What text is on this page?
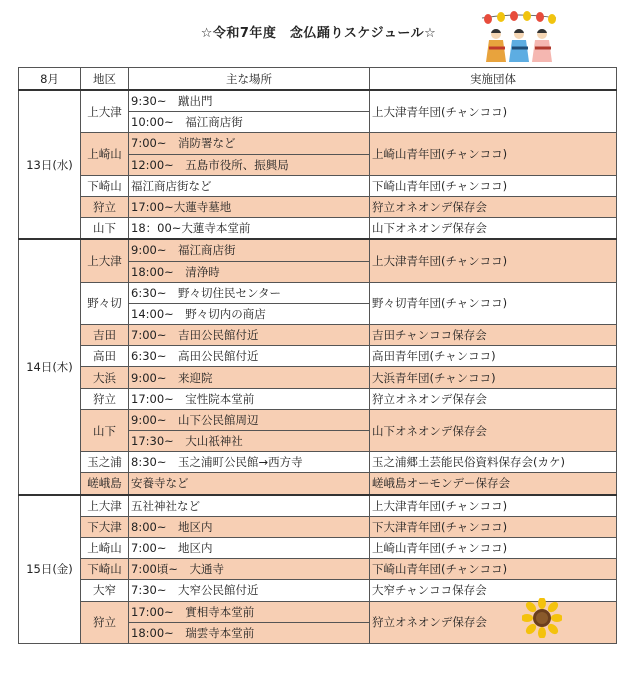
☆令和7年度　念仏踊りスケジュール☆
8月	地区	主な場所	実施団体
13日(水)	上大津	9:30~　蹴出門	上大津青年団(チャンココ)
		10:00~　福江商店街	
	上崎山	7:00~　消防署など	上崎山青年団(チャンココ)
		12:00~　五島市役所、振興局	
	下崎山	福江商店街など	下崎山青年団(チャンココ)
	狩立	17:00~大蓮寺墓地	狩立オネオンデ保存会
	山下	18：00~大蓮寺本堂前	山下オネオンデ保存会
14日(木)	上大津	9:00~　福江商店街	上大津青年団(チャンココ)
		18:00~　清浄時	
	野々切	6:30~　野々切住民センター	野々切青年団(チャンココ)
		14:00~　野々切内の商店	
	吉田	7:00~　吉田公民館付近	吉田チャンココ保存会
	高田	6:30~　高田公民館付近	高田青年団(チャンココ)
	大浜	9:00~　来迎院	大浜青年団(チャンココ)
	狩立	17:00~　宝性院本堂前	狩立オネオンデ保存会
	山下	9:00~　山下公民館周辺	山下オネオンデ保存会
		17:30~　大山祇神社	
	玉之浦	8:30~　玉之浦町公民館→西方寺	玉之浦郷土芸能民俗資料保存会(カケ)
	嵯峨島	安養寺など	嵯峨島オーモンデー保存会
15日(金)	上大津	五社神社など	上大津青年団(チャンココ)
	下大津	8:00~　地区内	下大津青年団(チャンココ)
	上崎山	7:00~　地区内	上崎山青年団(チャンココ)
	下崎山	7:00頃~　大通寺	下崎山青年団(チャンココ)
	大窄	7:30~　大窄公民館付近	大窄チャンココ保存会
	狩立	17:00~　實相寺本堂前	狩立オネオンデ保存会
		18:00~　瑞雲寺本堂前	
